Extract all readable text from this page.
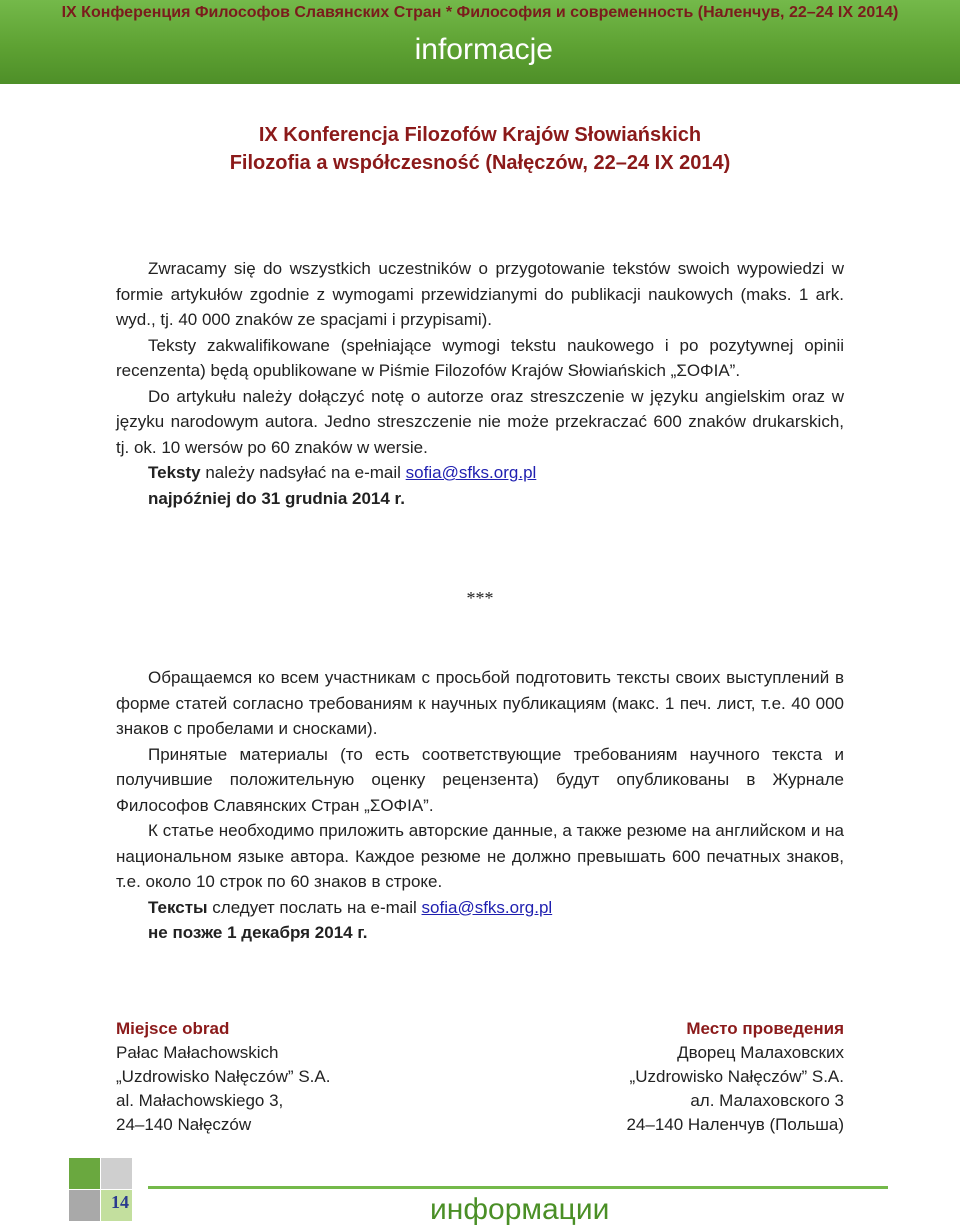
IX Конференция Философов Славянских Стран * Философия и современность (Наленчув, 22–24 IX 2014)
informacje
IX Konferencja Filozofów Krajów Słowiańskich
Filozofia a współczesność (Nałęczów, 22–24 IX 2014)

Zwracamy się do wszystkich uczestników o przygotowanie tekstów swoich wypowiedzi w formie artykułów zgodnie z wymogami przewidzianymi do publikacji naukowych (maks. 1 ark. wyd., tj. 40 000 znaków ze spacjami i przypisami).

Teksty zakwalifikowane (spełniające wymogi tekstu naukowego i po pozytywnej opinii recenzenta) będą opublikowane w Piśmie Filozofów Krajów Słowiańskich „ΣΟΦΙΑ”.

Do artykułu należy dołączyć notę o autorze oraz streszczenie w języku angielskim oraz w języku narodowym autora. Jedno streszczenie nie może przekraczać 600 znaków drukarskich, tj. ok. 10 wersów po 60 znaków w wersie.

Teksty należy nadsyłać na e-mail sofia@sfks.org.pl

najpóźniej do 31 grudnia 2014 r.

***

Обращаемся ко всем участникам с просьбой подготовить тексты своих выступлений в форме статей согласно требованиям к научных публикациям (макс. 1 печ. лист, т.е. 40 000 знаков с пробелами и сносками).

Принятые материалы (то есть соответствующие требованиям научного текста и получившие положительную оценку рецензента) будут опубликованы в Журнале Философов Славянских Стран „ΣΟΦΙΑ”.

К статье необходимо приложить авторские данные, а также резюме на английском и на национальном языке автора. Каждое резюме не должно превышать 600 печатных знаков, т.е. около 10 строк по 60 знаков в строке.

Тексты следует послать на e-mail sofia@sfks.org.pl

не позже 1 декабря 2014 г.

Miejsce obrad
Pałac Małachowskich
„Uzdrowisko Nałęczów” S.A.
al. Małachowskiego 3,
24–140 Nałęczów
Место проведения
Дворец Малаховских
„Uzdrowisko Nałęczów” S.A.
ал. Малаховского 3
24–140 Наленчув (Польша)
14	информации
